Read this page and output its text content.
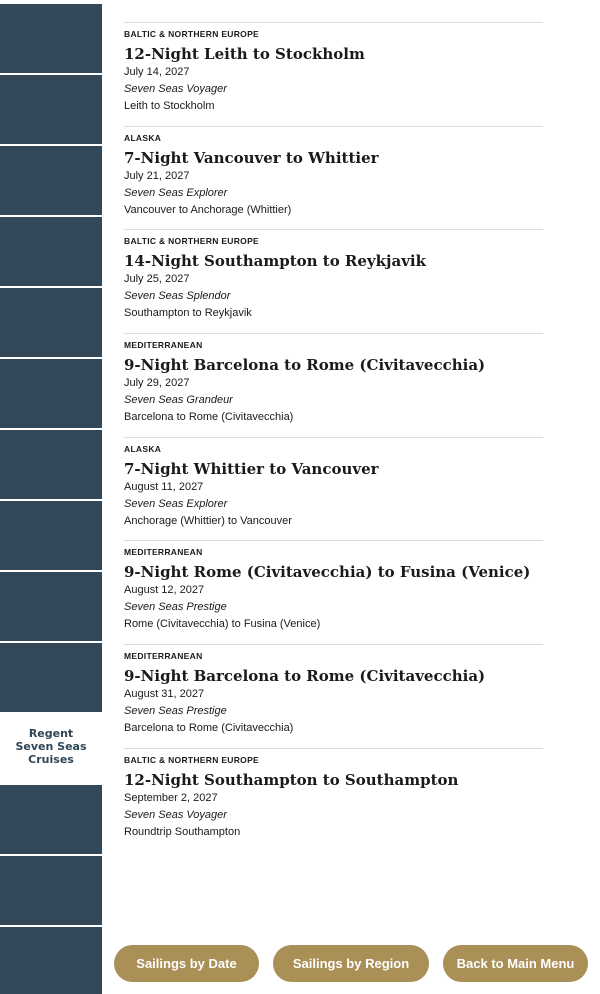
Regent Seven Seas Cruises
BALTIC & NORTHERN EUROPE
12-Night Leith to Stockholm
July 14, 2027
Seven Seas Voyager
Leith to Stockholm
ALASKA
7-Night Vancouver to Whittier
July 21, 2027
Seven Seas Explorer
Vancouver to Anchorage (Whittier)
BALTIC & NORTHERN EUROPE
14-Night Southampton to Reykjavik
July 25, 2027
Seven Seas Splendor
Southampton to Reykjavik
MEDITERRANEAN
9-Night Barcelona to Rome (Civitavecchia)
July 29, 2027
Seven Seas Grandeur
Barcelona to Rome (Civitavecchia)
ALASKA
7-Night Whittier to Vancouver
August 11, 2027
Seven Seas Explorer
Anchorage (Whittier) to Vancouver
MEDITERRANEAN
9-Night Rome (Civitavecchia) to Fusina (Venice)
August 12, 2027
Seven Seas Prestige
Rome (Civitavecchia) to Fusina (Venice)
MEDITERRANEAN
9-Night Barcelona to Rome (Civitavecchia)
August 31, 2027
Seven Seas Prestige
Barcelona to Rome (Civitavecchia)
BALTIC & NORTHERN EUROPE
12-Night Southampton to Southampton
September 2, 2027
Seven Seas Voyager
Roundtrip Southampton
Sailings by Date	Sailings by Region	Back to Main Menu
